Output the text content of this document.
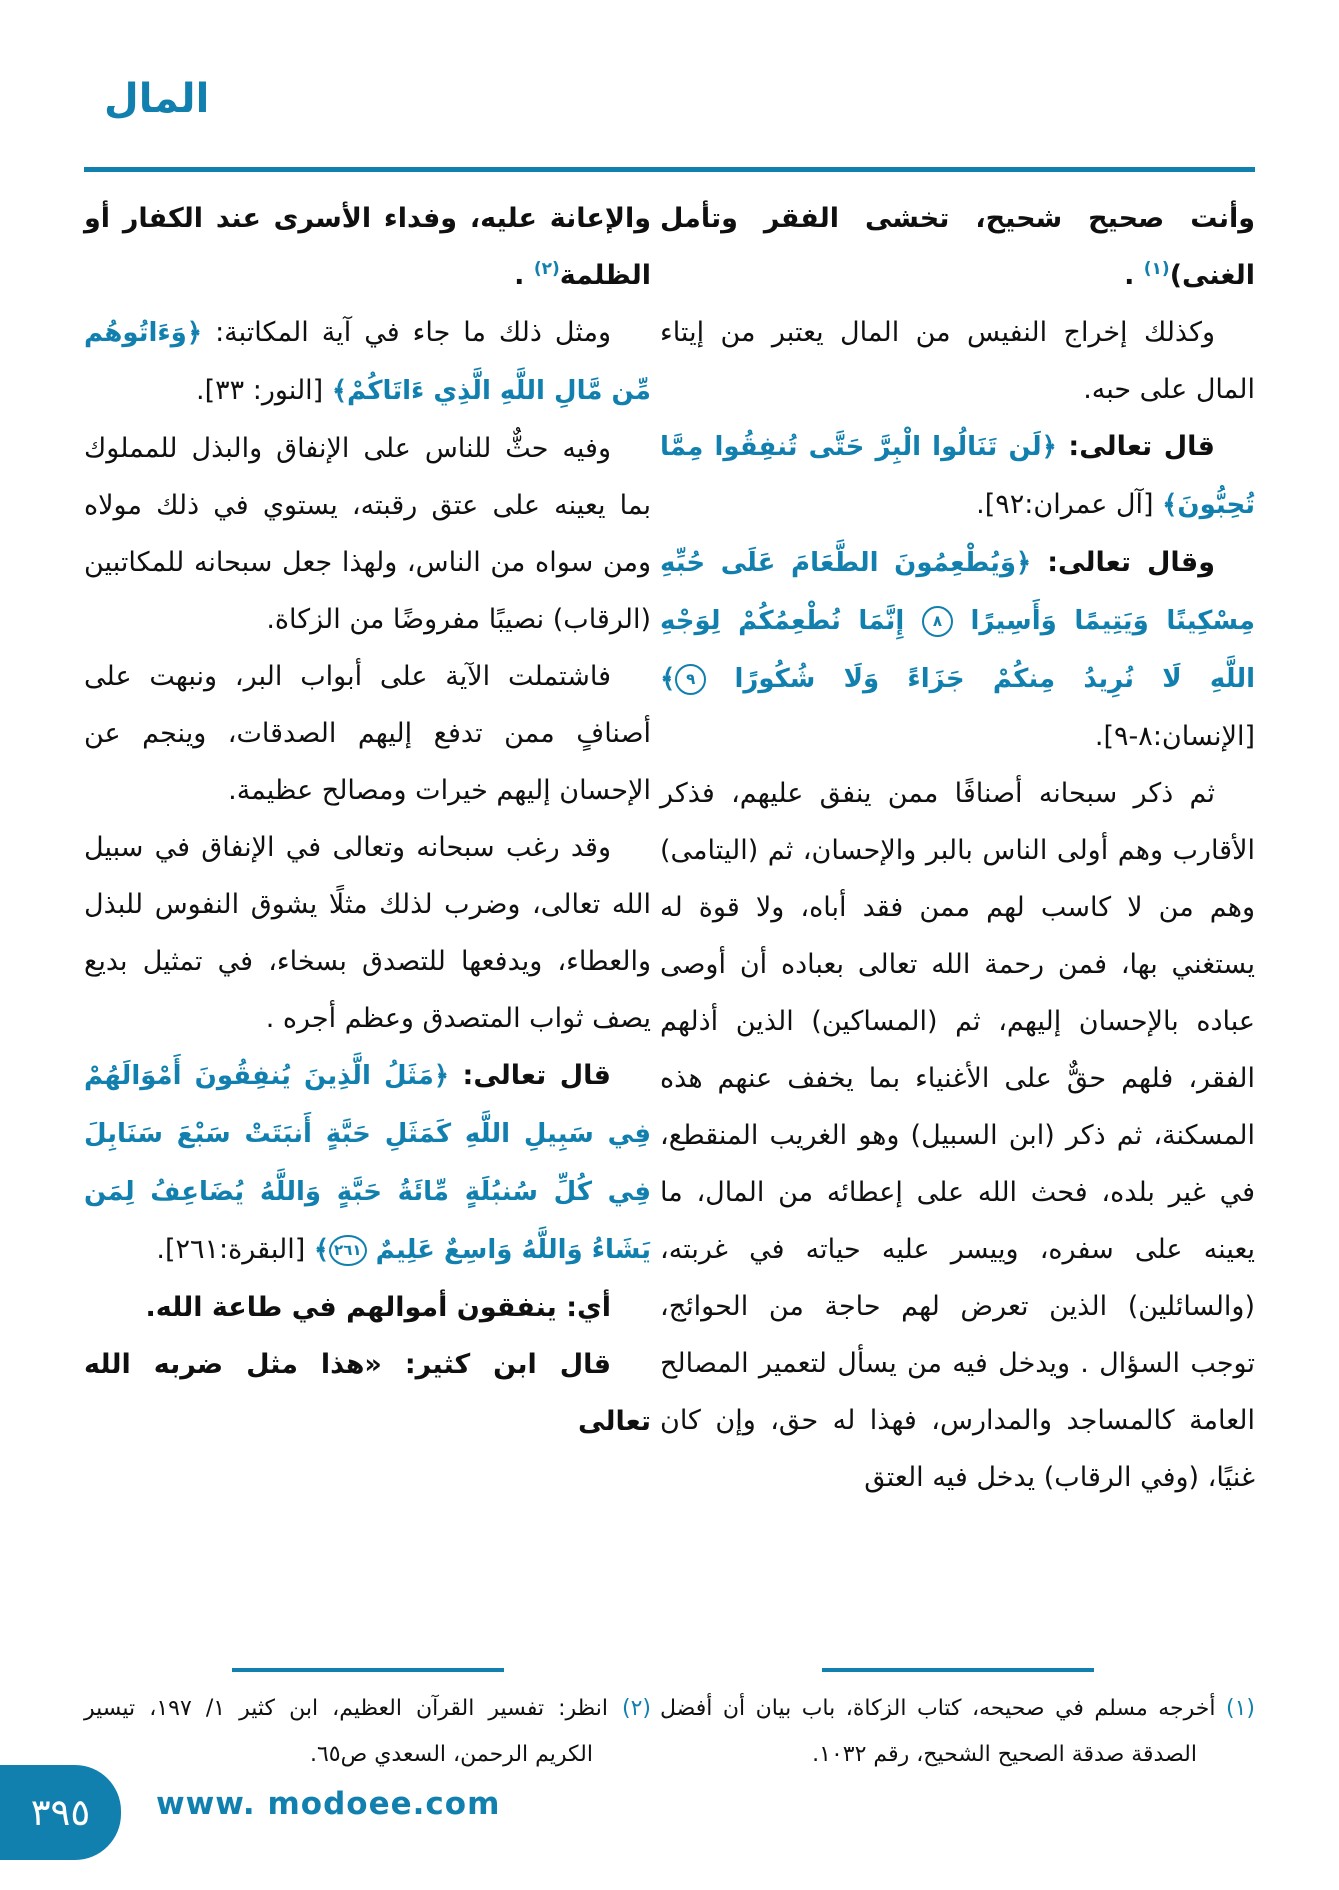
المال

وأنت صحيح شحيح، تخشى الفقر وتأمل الغنى)$^{(١)}$ .

وكذلك إخراج النفيس من المال يعتبر من إيتاء المال على حبه.

قال تعالى: ﴿لَن تَنَالُوا الْبِرَّ حَتَّى تُنفِقُوا مِمَّا تُحِبُّونَ﴾ [آل عمران:٩٢].

وقال تعالى: ﴿وَيُطْعِمُونَ الطَّعَامَ عَلَى حُبِّهِ مِسْكِينًا وَيَتِيمًا وَأَسِيرًا ٨ إِنَّمَا نُطْعِمُكُمْ لِوَجْهِ اللَّهِ لَا نُرِيدُ مِنكُمْ جَزَاءً وَلَا شُكُورًا ٩﴾ [الإنسان:٨-٩].

ثم ذكر سبحانه أصنافًا ممن ينفق عليهم، فذكر الأقارب وهم أولى الناس بالبر والإحسان، ثم (اليتامى) وهم من لا كاسب لهم ممن فقد أباه، ولا قوة له يستغني بها، فمن رحمة الله تعالى بعباده أن أوصى عباده بالإحسان إليهم، ثم (المساكين) الذين أذلهم الفقر، فلهم حقٌّ على الأغنياء بما يخفف عنهم هذه المسكنة، ثم ذكر (ابن السبيل) وهو الغريب المنقطع، في غير بلده، فحث الله على إعطائه من المال، ما يعينه على سفره، وييسر عليه حياته في غربته، (والسائلين) الذين تعرض لهم حاجة من الحوائج، توجب السؤال . ويدخل فيه من يسأل لتعمير المصالح العامة كالمساجد والمدارس، فهذا له حق، وإن كان غنيًا، (وفي الرقاب) يدخل فيه العتق

(١) أخرجه مسلم في صحيحه، كتاب الزكاة، باب بيان أن أفضل الصدقة صدقة الصحيح الشحيح، رقم ١٠٣٢.

والإعانة عليه، وفداء الأسرى عند الكفار أو الظلمة$^{(٢)}$ .

ومثل ذلك ما جاء في آية المكاتبة: ﴿وَءَاتُوهُم مِّن مَّالِ اللَّهِ الَّذِي ءَاتَاكُمْ﴾ [النور: ٣٣].

وفيه حثٌّ للناس على الإنفاق والبذل للمملوك بما يعينه على عتق رقبته، يستوي في ذلك مولاه ومن سواه من الناس، ولهذا جعل سبحانه للمكاتبين (الرقاب) نصيبًا مفروضًا من الزكاة.

فاشتملت الآية على أبواب البر، ونبهت على أصنافٍ ممن تدفع إليهم الصدقات، وينجم عن الإحسان إليهم خيرات ومصالح عظيمة.

وقد رغب سبحانه وتعالى في الإنفاق في سبيل الله تعالى، وضرب لذلك مثلًا يشوق النفوس للبذل والعطاء، ويدفعها للتصدق بسخاء، في تمثيل بديع يصف ثواب المتصدق وعظم أجره .

قال تعالى: ﴿مَثَلُ الَّذِينَ يُنفِقُونَ أَمْوَالَهُمْ فِي سَبِيلِ اللَّهِ كَمَثَلِ حَبَّةٍ أَنبَتَتْ سَبْعَ سَنَابِلَ فِي كُلِّ سُنبُلَةٍ مِّائَةُ حَبَّةٍ وَاللَّهُ يُضَاعِفُ لِمَن يَشَاءُ وَاللَّهُ وَاسِعٌ عَلِيمٌ ٢٦١﴾ [البقرة:٢٦١].

أي: ينفقون أموالهم في طاعة الله.

قال ابن كثير: «هذا مثل ضربه الله تعالى

(٢) انظر: تفسير القرآن العظيم، ابن كثير ١/ ١٩٧، تيسير الكريم الرحمن، السعدي ص٦٥.

٣٩٥ www. modoee.com
